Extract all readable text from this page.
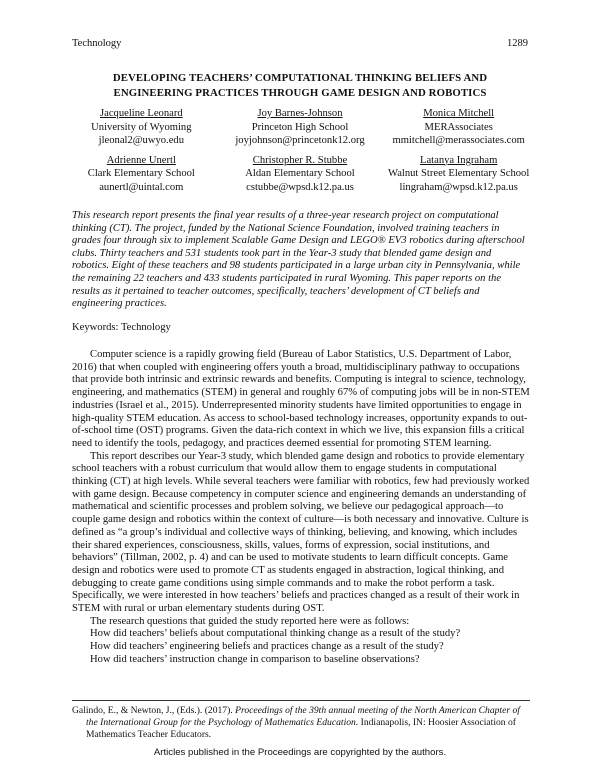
Technology	1289
DEVELOPING TEACHERS’ COMPUTATIONAL THINKING BELIEFS AND
ENGINEERING PRACTICES THROUGH GAME DESIGN AND ROBOTICS
Jacqueline Leonard
University of Wyoming
jleonal2@uwyo.edu
Joy Barnes-Johnson
Princeton High School
joyjohnson@princetonk12.org
Monica Mitchell
MERAssociates
mmitchell@merassociates.com
Adrienne Unertl
Clark Elementary School
aunertl@uintal.com
Christopher R. Stubbe
Aldan Elementary School
cstubbe@wpsd.k12.pa.us
Latanya Ingraham
Walnut Street Elementary School
lingraham@wpsd.k12.pa.us
This research report presents the final year results of a three-year research project on computational thinking (CT). The project, funded by the National Science Foundation, involved training teachers in grades four through six to implement Scalable Game Design and LEGO® EV3 robotics during afterschool clubs. Thirty teachers and 531 students took part in the Year-3 study that blended game design and robotics. Eight of these teachers and 98 students participated in a large urban city in Pennsylvania, while the remaining 22 teachers and 433 students participated in rural Wyoming. This paper reports on the results as it pertained to teacher outcomes, specifically, teachers’ development of CT beliefs and engineering practices.
Keywords: Technology

Computer science is a rapidly growing field (Bureau of Labor Statistics, U.S. Department of Labor, 2016) that when coupled with engineering offers youth a broad, multidisciplinary pathway to occupations that provide both intrinsic and extrinsic rewards and benefits. Computing is integral to science, technology, engineering, and mathematics (STEM) in general and roughly 67% of computing jobs will be in non-STEM industries (Israel et al., 2015). Underrepresented minority students have limited opportunities to engage in high-quality STEM education. As access to school-based technology increases, opportunity expands to out-of-school time (OST) programs. Given the data-rich context in which we live, this expansion fills a critical need to identify the tools, pedagogy, and practices deemed essential for promoting STEM learning.

This report describes our Year-3 study, which blended game design and robotics to provide elementary school teachers with a robust curriculum that would allow them to engage students in computational thinking (CT) at high levels. While several teachers were familiar with robotics, few had previously worked with game design. Because competency in computer science and engineering demands an understanding of mathematical and scientific processes and problem solving, we believe our pedagogical approach—to couple game design and robotics within the context of culture—is both necessary and innovative. Culture is defined as “a group’s individual and collective ways of thinking, believing, and knowing, which includes their shared experiences, consciousness, skills, values, forms of expression, social institutions, and behaviors” (Tillman, 2002, p. 4) and can be used to motivate students to learn difficult concepts. Game design and robotics were used to promote CT as students engaged in abstraction, logical thinking, and debugging to create game conditions using simple commands and to make the robot perform a task. Specifically, we were interested in how teachers’ beliefs and practices changed as a result of their work in STEM with rural or urban elementary students during OST.

The research questions that guided the study reported here were as follows:

How did teachers’ beliefs about computational thinking change as a result of the study?
How did teachers’ engineering beliefs and practices change as a result of the study?
How did teachers’ instruction change in comparison to baseline observations?
Galindo, E., & Newton, J., (Eds.). (2017). Proceedings of the 39th annual meeting of the North American Chapter of the International Group for the Psychology of Mathematics Education. Indianapolis, IN: Hoosier Association of Mathematics Teacher Educators.
Articles published in the Proceedings are copyrighted by the authors.
